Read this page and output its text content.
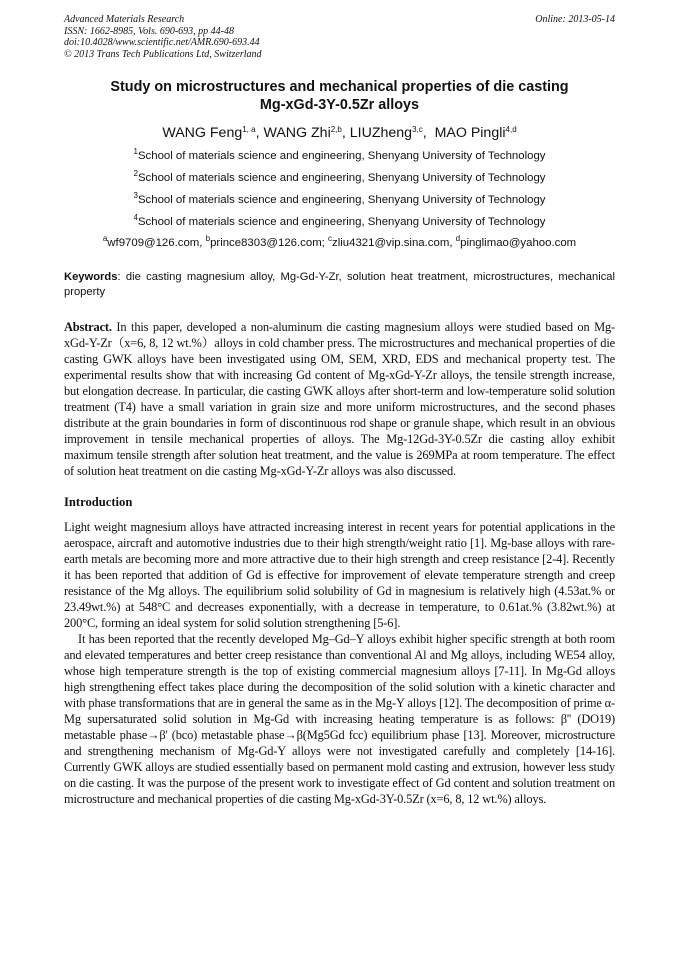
Advanced Materials Research
ISSN: 1662-8985, Vols. 690-693, pp 44-48
doi:10.4028/www.scientific.net/AMR.690-693.44
© 2013 Trans Tech Publications Ltd, Switzerland
Online: 2013-05-14
Study on microstructures and mechanical properties of die casting
Mg-xGd-3Y-0.5Zr alloys
WANG Feng$^{1, a}$, WANG Zhi$^{2,b}$, LIUZheng$^{3,c}$,  MAO Pingli$^{4,d}$
$^1$School of materials science and engineering, Shenyang University of Technology
$^2$School of materials science and engineering, Shenyang University of Technology
$^3$School of materials science and engineering, Shenyang University of Technology
$^4$School of materials science and engineering, Shenyang University of Technology
$^a$wf9709@126.com, $^b$prince8303@126.com; $^c$zliu4321@vip.sina.com, $^d$pinglimao@yahoo.com
Keywords: die casting magnesium alloy, Mg-Gd-Y-Zr, solution heat treatment, microstructures, mechanical property
Abstract. In this paper, developed a non-aluminum die casting magnesium alloys were studied based on Mg-xGd-Y-Zr（x=6, 8, 12 wt.%）alloys in cold chamber press. The microstructures and mechanical properties of die casting GWK alloys have been investigated using OM, SEM, XRD, EDS and mechanical property test. The experimental results show that with increasing Gd content of Mg-xGd-Y-Zr alloys, the tensile strength increase, but elongation decrease. In particular, die casting GWK alloys after short-term and low-temperature solid solution treatment (T4) have a small variation in grain size and more uniform microstructures, and the second phases distribute at the grain boundaries in form of discontinuous rod shape or granule shape, which result in an obvious improvement in tensile mechanical properties of alloys. The Mg-12Gd-3Y-0.5Zr die casting alloy exhibit maximum tensile strength after solution heat treatment, and the value is 269MPa at room temperature. The effect of solution heat treatment on die casting Mg-xGd-Y-Zr alloys was also discussed.
Introduction
Light weight magnesium alloys have attracted increasing interest in recent years for potential applications in the aerospace, aircraft and automotive industries due to their high strength/weight ratio [1]. Mg-base alloys with rare-earth metals are becoming more and more attractive due to their high strength and creep resistance [2-4]. Recently it has been reported that addition of Gd is effective for improvement of elevate temperature strength and creep resistance of the Mg alloys. The equilibrium solid solubility of Gd in magnesium is relatively high (4.53at.% or 23.49wt.%) at 548°C and decreases exponentially, with a decrease in temperature, to 0.61at.% (3.82wt.%) at 200°C, forming an ideal system for solid solution strengthening [5-6].
It has been reported that the recently developed Mg–Gd–Y alloys exhibit higher specific strength at both room and elevated temperatures and better creep resistance than conventional Al and Mg alloys, including WE54 alloy, whose high temperature strength is the top of existing commercial magnesium alloys [7-11]. In Mg-Gd alloys high strengthening effect takes place during the decomposition of the solid solution with a kinetic character and with phase transformations that are in general the same as in the Mg-Y alloys [12]. The decomposition of prime α-Mg supersaturated solid solution in Mg-Gd with increasing heating temperature is as follows: β'' (DO19) metastable phase→β' (bco) metastable phase→β(Mg5Gd fcc) equilibrium phase [13]. Moreover, microstructure and strengthening mechanism of Mg-Gd-Y alloys were not investigated carefully and completely [14-16]. Currently GWK alloys are studied essentially based on permanent mold casting and extrusion, however less study on die casting. It was the purpose of the present work to investigate effect of Gd content and solution treatment on microstructure and mechanical properties of die casting Mg-xGd-3Y-0.5Zr (x=6, 8, 12 wt.%) alloys.
